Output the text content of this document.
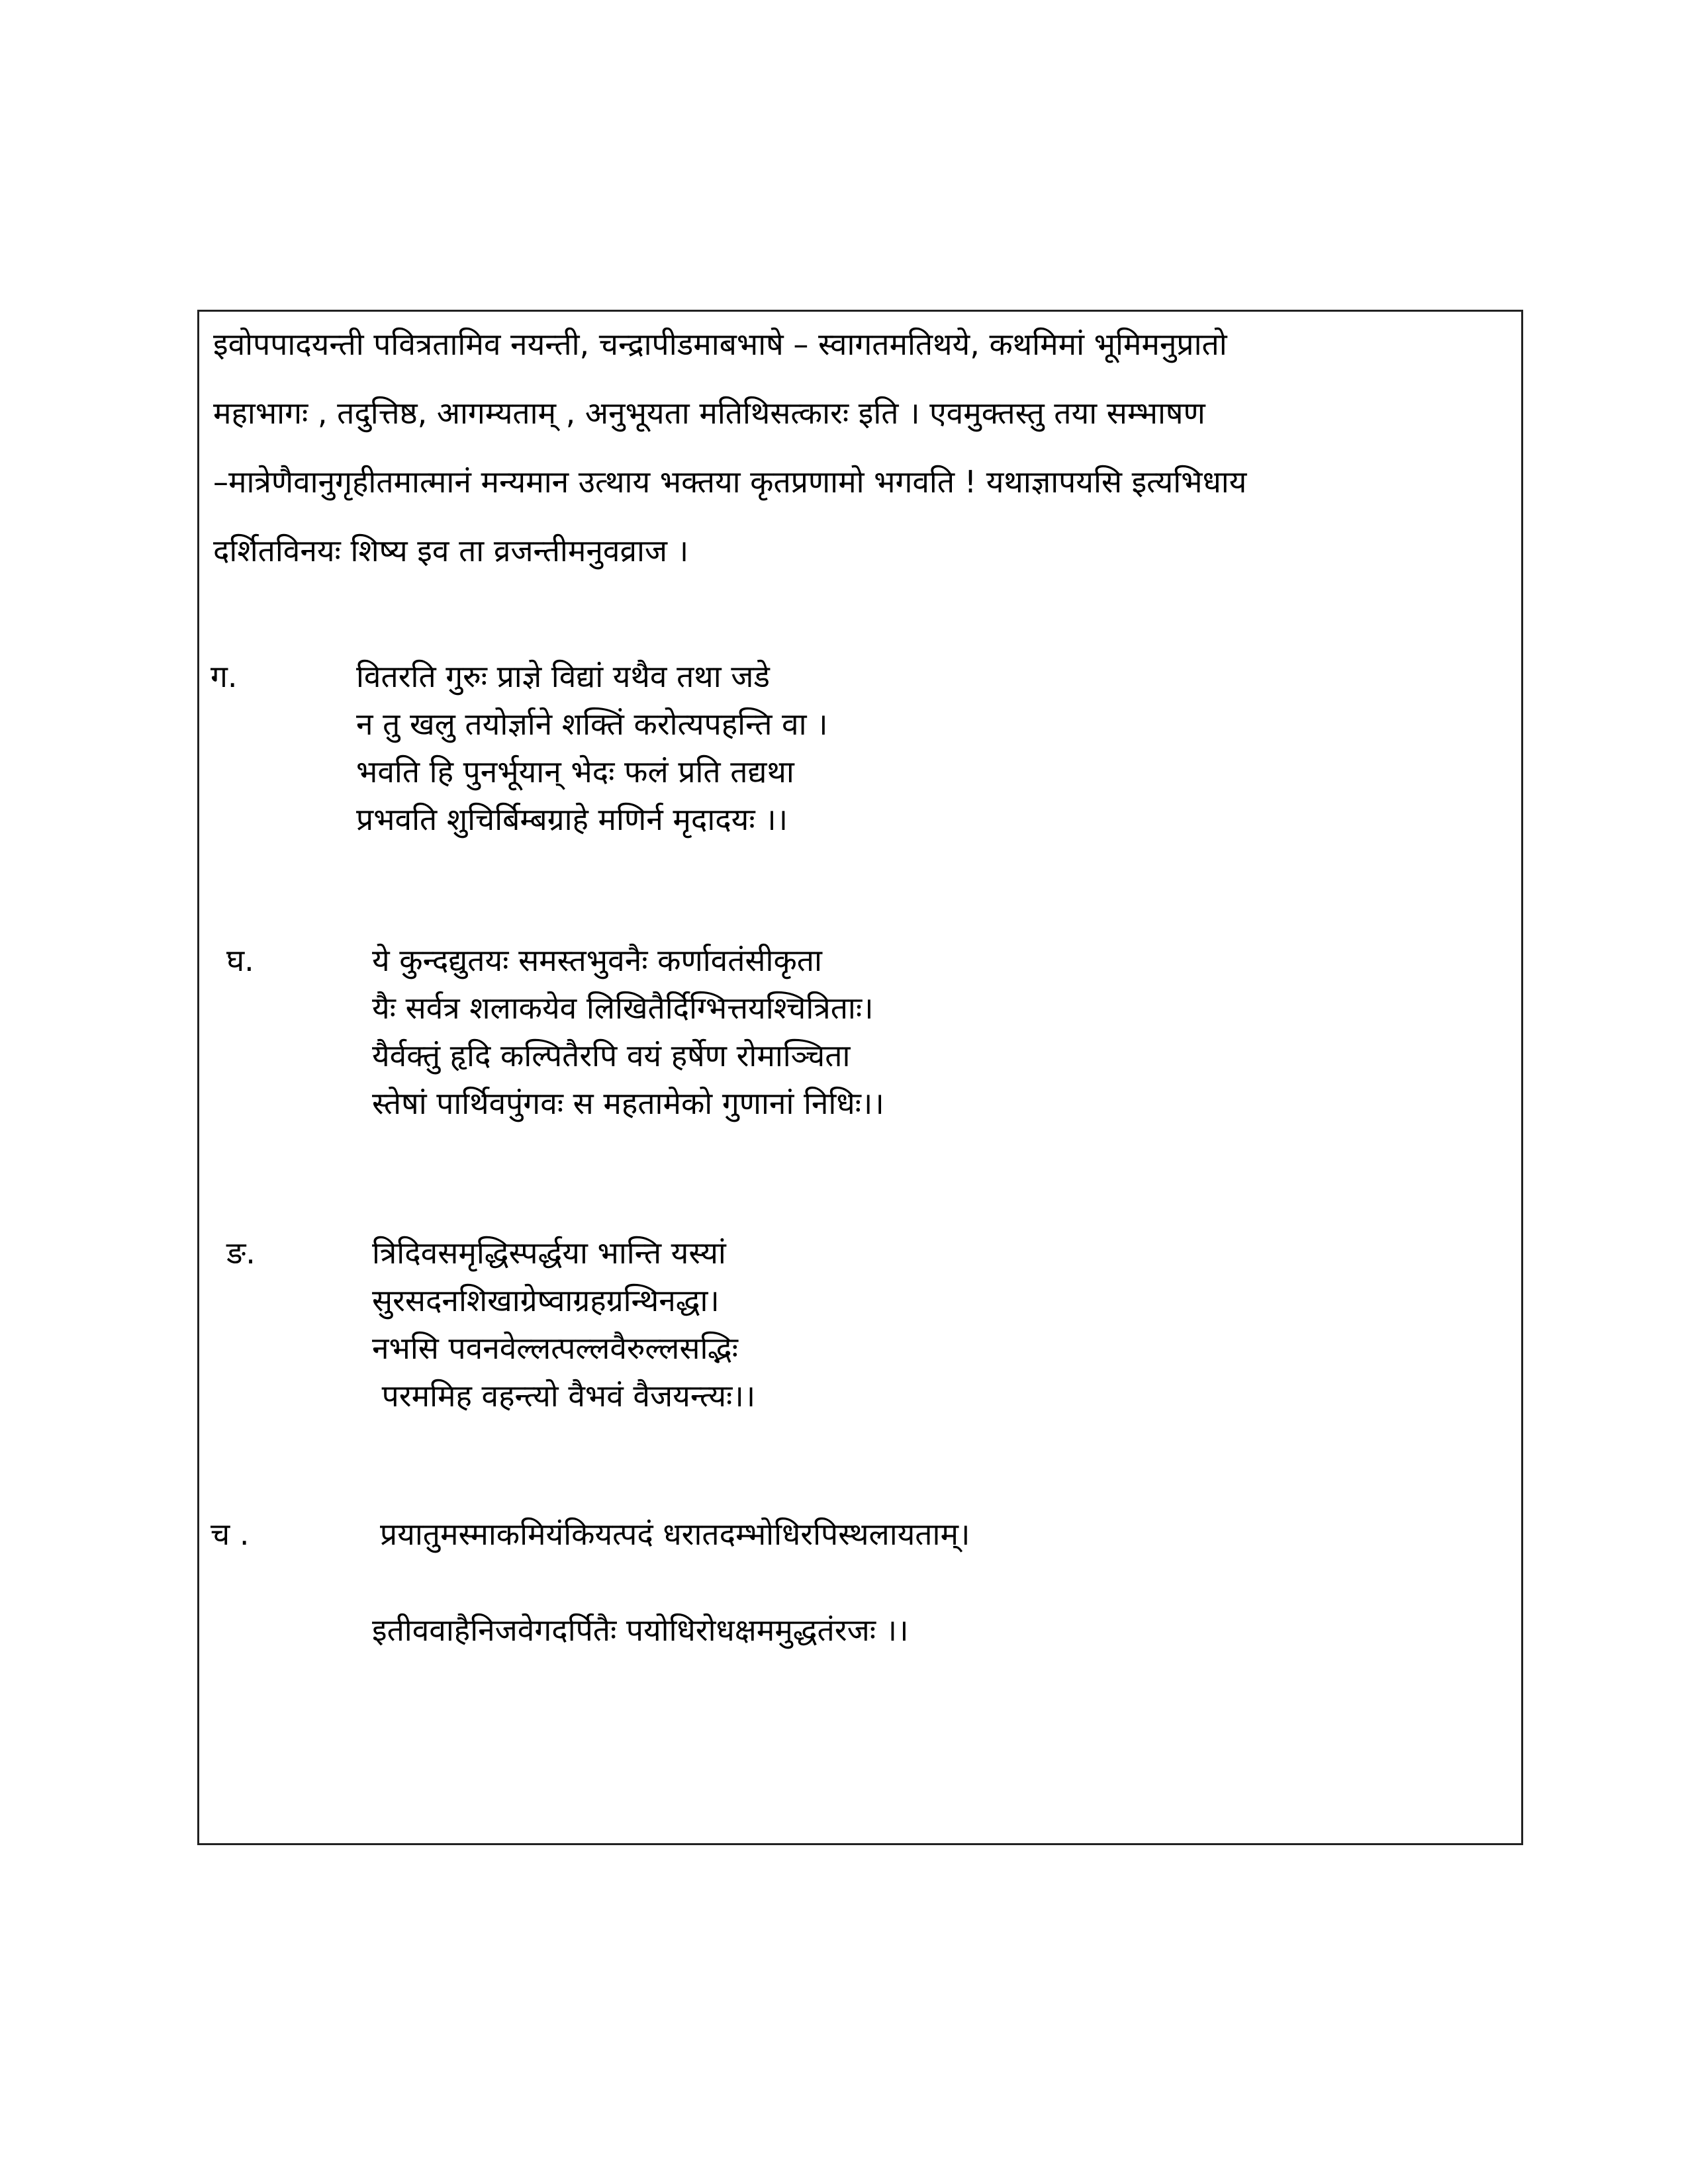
इवोपपादयन्ती पवित्रतामिव नयन्ती, चन्द्रापीडमाबभाषे – स्वागतमतिथये, कथमिमां भूमिमनुप्रातो
महाभागः , तदुत्तिष्ठ, आगम्यताम् , अनुभूयता मतिथिसत्कारः इति । एवमुक्तस्तु तया सम्भाषण
–मात्रेणैवानुगृहीतमात्मानं मन्यमान उत्थाय भक्तया कृतप्रणामो भगवति ! यथाज्ञापयसि इत्यभिधाय
दर्शितविनयः शिष्य इव ता व्रजन्तीमनुवव्राज ।
ग.	वितरति गुरुः प्राज्ञे विद्यां यथैव तथा जडे
न तु खलु तयोर्ज्ञाने शक्तिं करोत्यपहन्ति वा ।
भवति हि पुनर्भूयान् भेदः फलं प्रति तद्यथा
प्रभवति शुचिर्बिम्बग्राहे मणिर्न मृदादयः ।।
घ.	ये कुन्दद्युतयः समस्तभुवनैः कर्णावतंसीकृता
यैः सर्वत्र शलाकयेव लिखितैर्दिग्भित्तयश्चित्रिताः।
यैर्वक्तुं हृदि कल्पितैरपि वयं हर्षेण रोमाञ्चिता
स्तेषां पार्थिवपुंगवः स महतामेको गुणानां निधिः।।
ङ.	त्रिदिवसमृद्धिस्पर्द्धया भान्ति यस्यां
सुरसदनशिखाग्रेष्वाग्रहग्रन्थिनद्धा।
नभसि पवनवेल्लत्पल्लवैरुल्लसद्भिः
परममिह वहन्त्यो वैभवं वैजयन्त्यः।।
च .	प्रयातुमस्माकमियंकियत्पदं धरातदम्भोधिरपिस्थलायताम्।
इतीववाहैनिजवेगदर्पितैः पयोधिरोधक्षममुद्धतंरजः ।।
